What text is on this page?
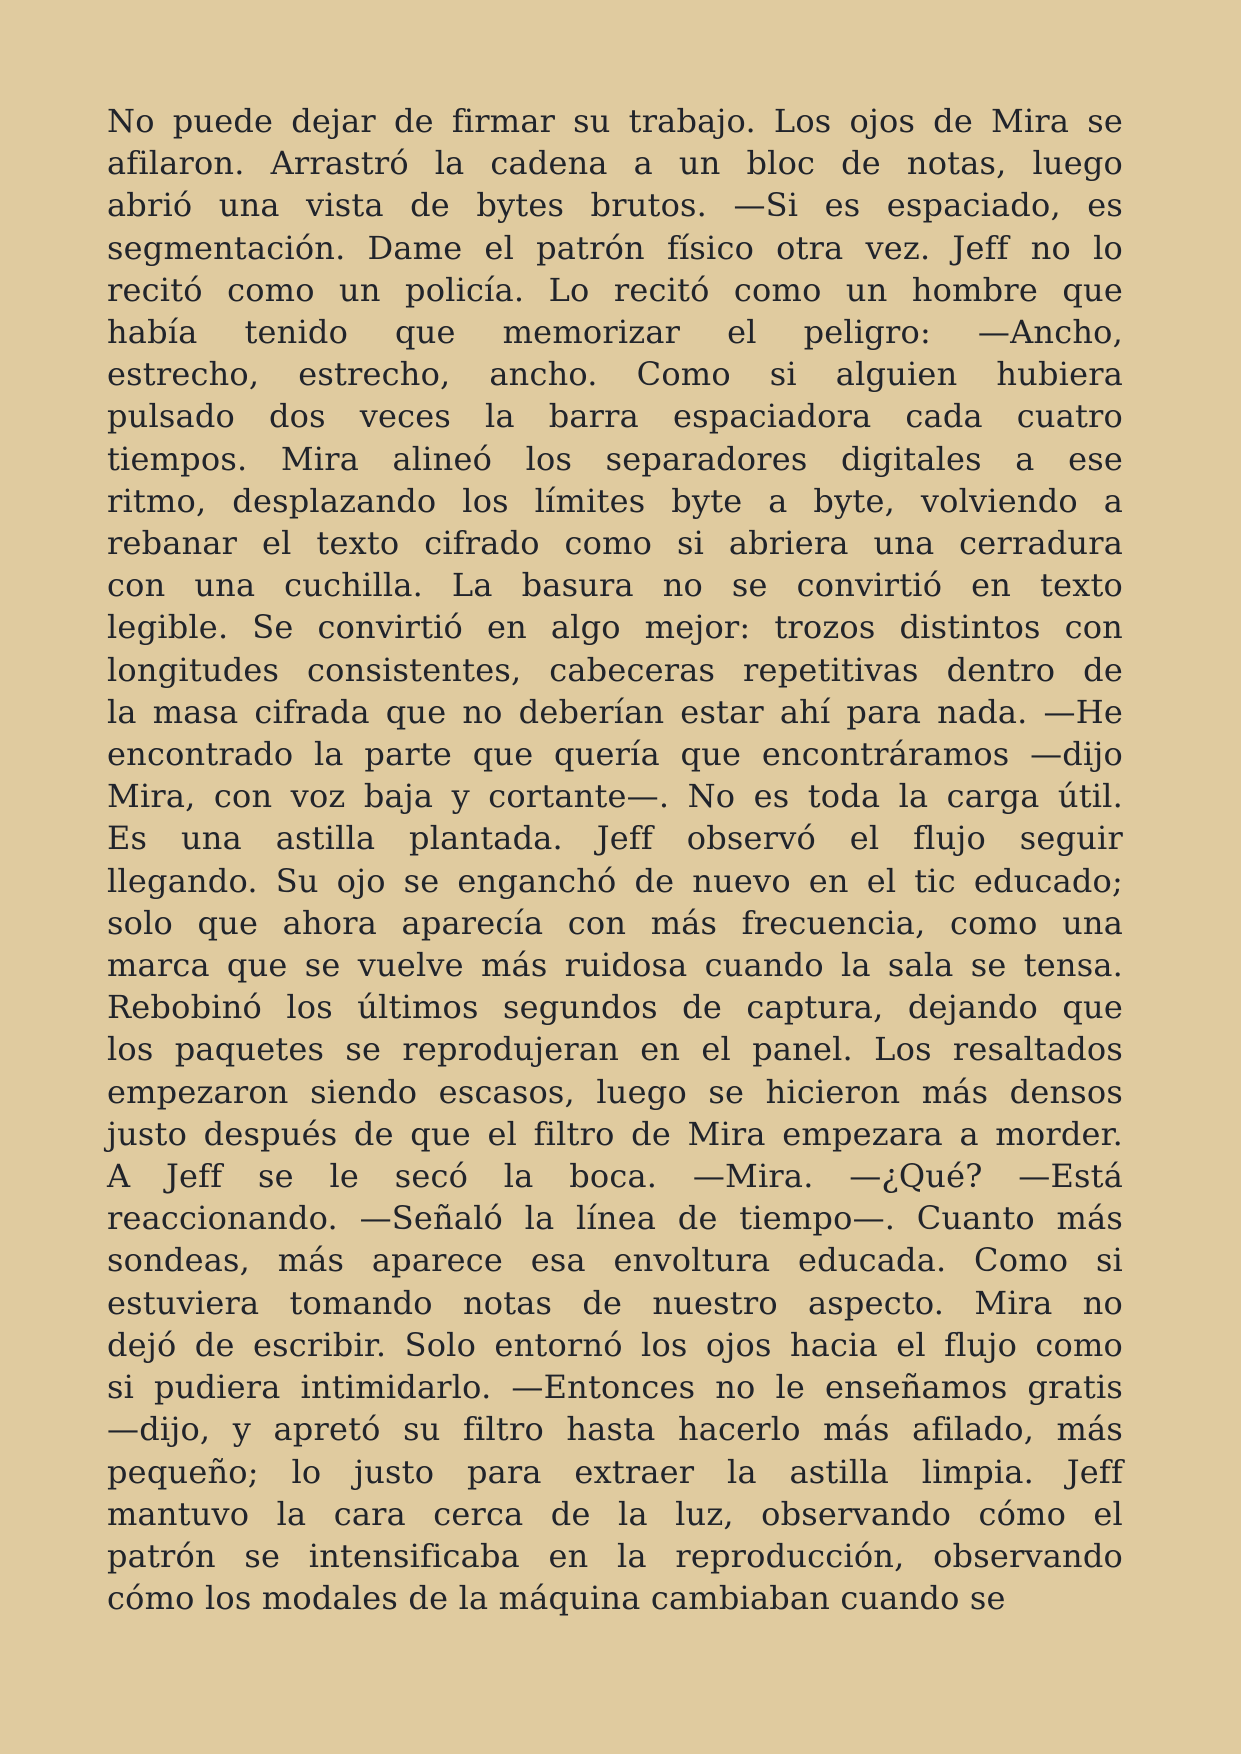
No puede dejar de firmar su trabajo. Los ojos de Mira se
afilaron. Arrastró la cadena a un bloc de notas, luego
abrió una vista de bytes brutos. —Si es espaciado, es
segmentación. Dame el patrón físico otra vez. Jeff no lo
recitó como un policía. Lo recitó como un hombre que
había tenido que memorizar el peligro: —Ancho,
estrecho, estrecho, ancho. Como si alguien hubiera
pulsado dos veces la barra espaciadora cada cuatro
tiempos. Mira alineó los separadores digitales a ese
ritmo, desplazando los límites byte a byte, volviendo a
rebanar el texto cifrado como si abriera una cerradura
con una cuchilla. La basura no se convirtió en texto
legible. Se convirtió en algo mejor: trozos distintos con
longitudes consistentes, cabeceras repetitivas dentro de
la masa cifrada que no deberían estar ahí para nada. —He
encontrado la parte que quería que encontráramos —dijo
Mira, con voz baja y cortante—. No es toda la carga útil.
Es una astilla plantada. Jeff observó el flujo seguir
llegando. Su ojo se enganchó de nuevo en el tic educado;
solo que ahora aparecía con más frecuencia, como una
marca que se vuelve más ruidosa cuando la sala se tensa.
Rebobinó los últimos segundos de captura, dejando que
los paquetes se reprodujeran en el panel. Los resaltados
empezaron siendo escasos, luego se hicieron más densos
justo después de que el filtro de Mira empezara a morder.
A Jeff se le secó la boca. —Mira. —¿Qué? —Está
reaccionando. —Señaló la línea de tiempo—. Cuanto más
sondeas, más aparece esa envoltura educada. Como si
estuviera tomando notas de nuestro aspecto. Mira no
dejó de escribir. Solo entornó los ojos hacia el flujo como
si pudiera intimidarlo. —Entonces no le enseñamos gratis
—dijo, y apretó su filtro hasta hacerlo más afilado, más
pequeño; lo justo para extraer la astilla limpia. Jeff
mantuvo la cara cerca de la luz, observando cómo el
patrón se intensificaba en la reproducción, observando
cómo los modales de la máquina cambiaban cuando se
